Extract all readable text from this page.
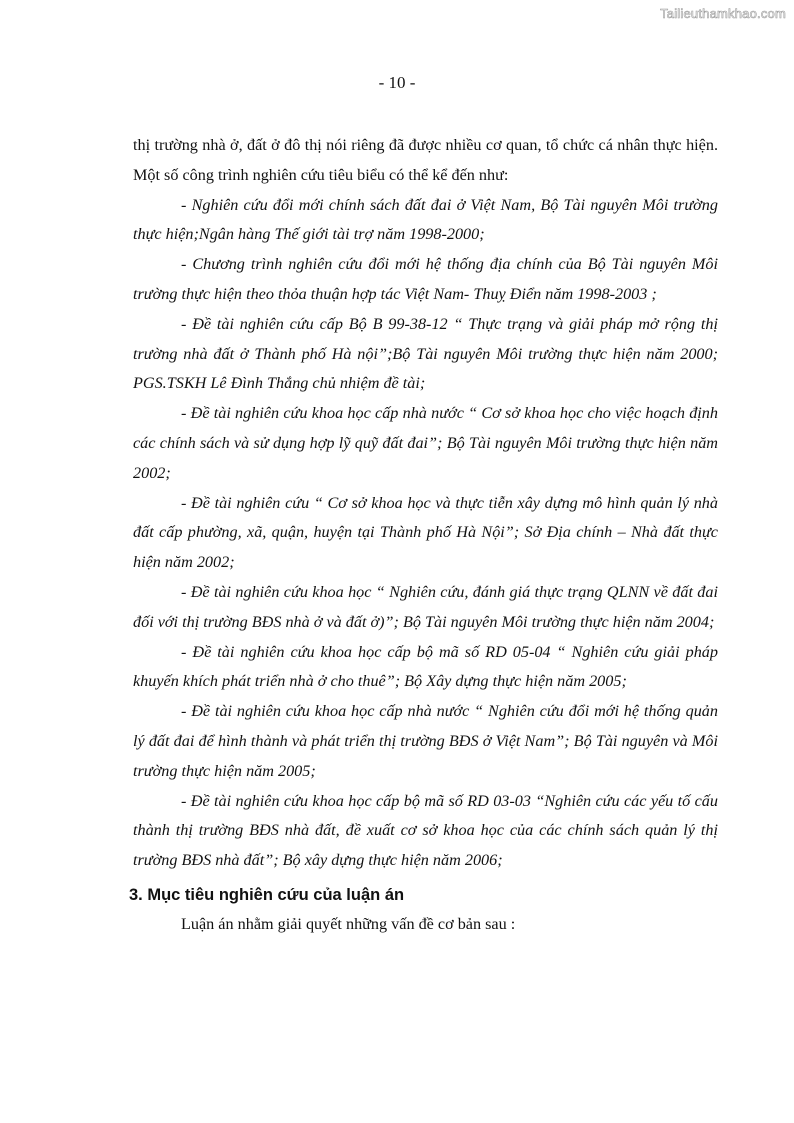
Tailieuthamkhao.com
- 10 -

thị trường nhà ở, đất ở đô thị nói riêng đã được nhiều cơ quan, tổ chức cá nhân thực hiện. Một số công trình nghiên cứu tiêu biểu có thể kể đến như:

- Nghiên cứu đổi mới chính sách đất đai ở Việt Nam, Bộ Tài nguyên Môi trường thực hiện;Ngân hàng Thế giới tài trợ năm 1998-2000;

- Chương trình nghiên cứu đổi mới hệ thống địa chính của Bộ Tài nguyên Môi trường thực hiện theo thỏa thuận hợp tác Việt Nam- Thuỵ Điển năm 1998-2003 ;

- Đề tài nghiên cứu cấp Bộ B 99-38-12 “ Thực trạng và giải pháp mở rộng thị trường nhà đất ở Thành phố Hà nội”;Bộ Tài nguyên Môi trường thực hiện năm 2000; PGS.TSKH Lê Đình Thắng chủ nhiệm đề tài;

- Đề tài nghiên cứu khoa học cấp nhà nước “ Cơ sở khoa học cho việc hoạch định các chính sách và sử dụng hợp lỹ quỹ đất đai”; Bộ Tài nguyên Môi trường thực hiện năm 2002;

- Đề tài nghiên cứu “ Cơ sở khoa học và thực tiễn xây dựng mô hình quản lý nhà đất cấp phường, xã, quận, huyện tại Thành phố Hà Nội”; Sở Địa chính – Nhà đất thực hiện năm 2002;

- Đề tài nghiên cứu khoa học “ Nghiên cứu, đánh giá thực trạng QLNN về đất đai đối với thị trường BĐS nhà ở và đất ở)”; Bộ Tài nguyên Môi trường thực hiện năm 2004;

- Đề tài nghiên cứu khoa học cấp bộ mã số RD 05-04 “ Nghiên cứu giải pháp khuyến khích phát triển nhà ở cho thuê”; Bộ Xây dựng thực hiện năm 2005;

- Đề tài nghiên cứu khoa học cấp nhà nước “ Nghiên cứu đổi mới hệ thống quản lý đất đai để hình thành và phát triển thị trường BĐS ở Việt Nam”; Bộ Tài nguyên và Môi trường thực hiện năm 2005;

- Đề tài nghiên cứu khoa học cấp bộ mã số RD 03-03 “Nghiên cứu các yếu tố cấu thành thị trường BĐS nhà đất, đề xuất cơ sở khoa học của các chính sách quản lý thị trường BĐS nhà đất”; Bộ xây dựng thực hiện năm 2006;

3. Mục tiêu nghiên cứu của luận án

Luận án nhằm giải quyết những vấn đề cơ bản sau :
